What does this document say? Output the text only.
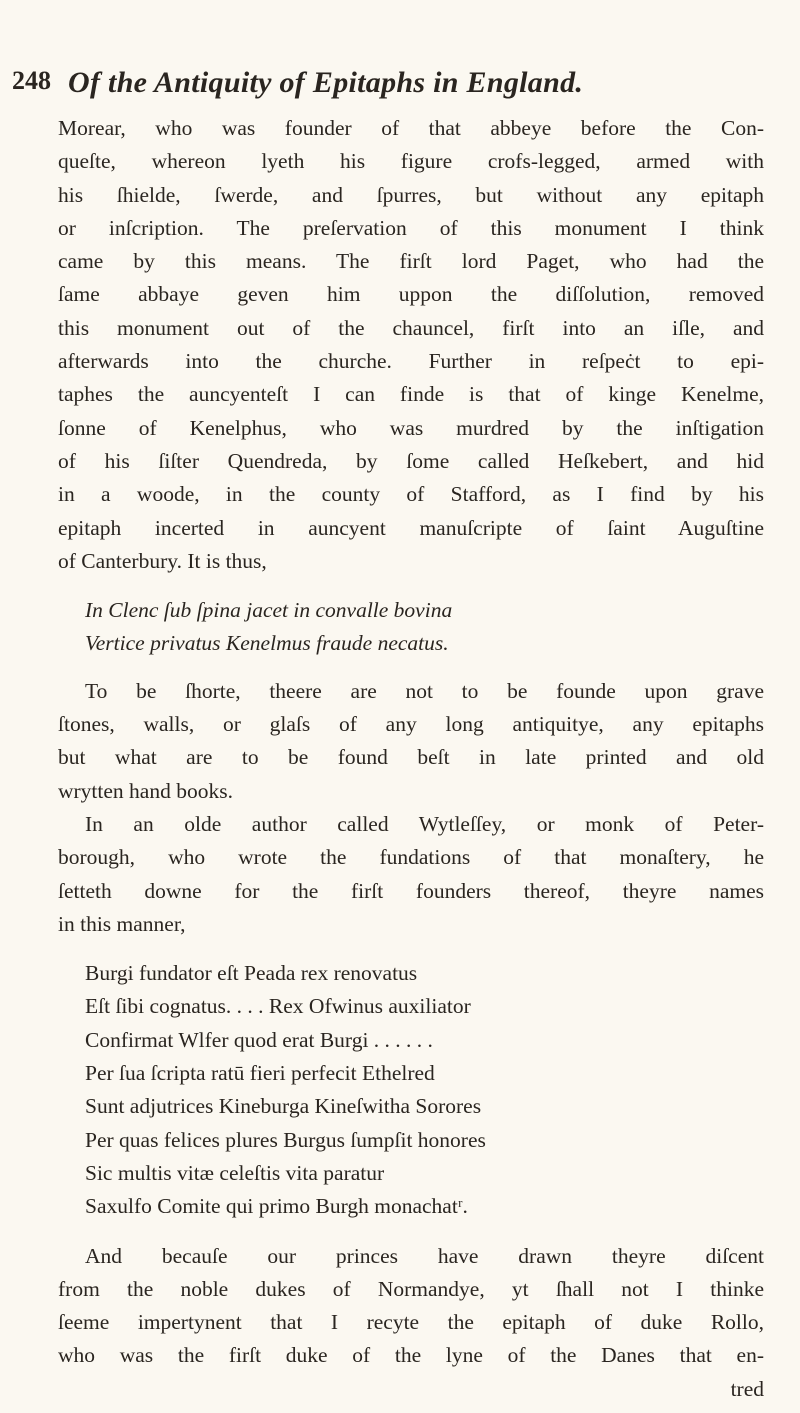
248 Of the Antiquity of Epitaphs in England.
Morear, who was founder of that abbeye before the Con-
queſte, whereon lyeth his figure crofs-legged, armed with
his ſhielde, ſwerde, and ſpurres, but without any epitaph
or inſcription. The preſervation of this monument I think
came by this means. The firſt lord Paget, who had the
ſame abbaye geven him uppon the diſſolution, removed
this monument out of the chauncel, firſt into an iſle, and
afterwards into the churche. Further in reſpeċt to epi-
taphes the auncyenteſt I can finde is that of kinge Kenelme,
ſonne of Kenelphus, who was murdred by the inſtigation
of his ſiſter Quendreda, by ſome called Heſkebert, and hid
in a woode, in the county of Stafford, as I find by his
epitaph incerted in auncyent manuſcripte of ſaint Auguſtine
of Canterbury. It is thus,
In Clenc ſub ſpina jacet in convalle bovina
Vertice privatus Kenelmus fraude necatus.
To be ſhorte, theere are not to be founde upon grave
ſtones, walls, or glaſs of any long antiquitye, any epitaphs
but what are to be found beſt in late printed and old
wrytten hand books.
In an olde author called Wytleſſey, or monk of Peter-
borough, who wrote the fundations of that monaſtery, he
ſetteth downe for the firſt founders thereof, theyre names
in this manner,
Burgi fundator eſt Peada rex renovatus
Eſt ſibi cognatus. . . . Rex Ofwinus auxiliator
Confirmat Wlfer quod erat Burgi . . . . . .
Per ſua ſcripta ratū fieri perfecit Ethelred
Sunt adjutrices Kineburga Kineſwitha Sorores
Per quas felices plures Burgus ſumpſit honores
Sic multis vitæ celeſtis vita paratur
Saxulfo Comite qui primo Burgh monachatʳ.
And becauſe our princes have drawn theyre diſcent
from the noble dukes of Normandye, yt ſhall not I thinke
ſeeme impertynent that I recyte the epitaph of duke Rollo,
who was the firſt duke of the lyne of the Danes that en-
tred
